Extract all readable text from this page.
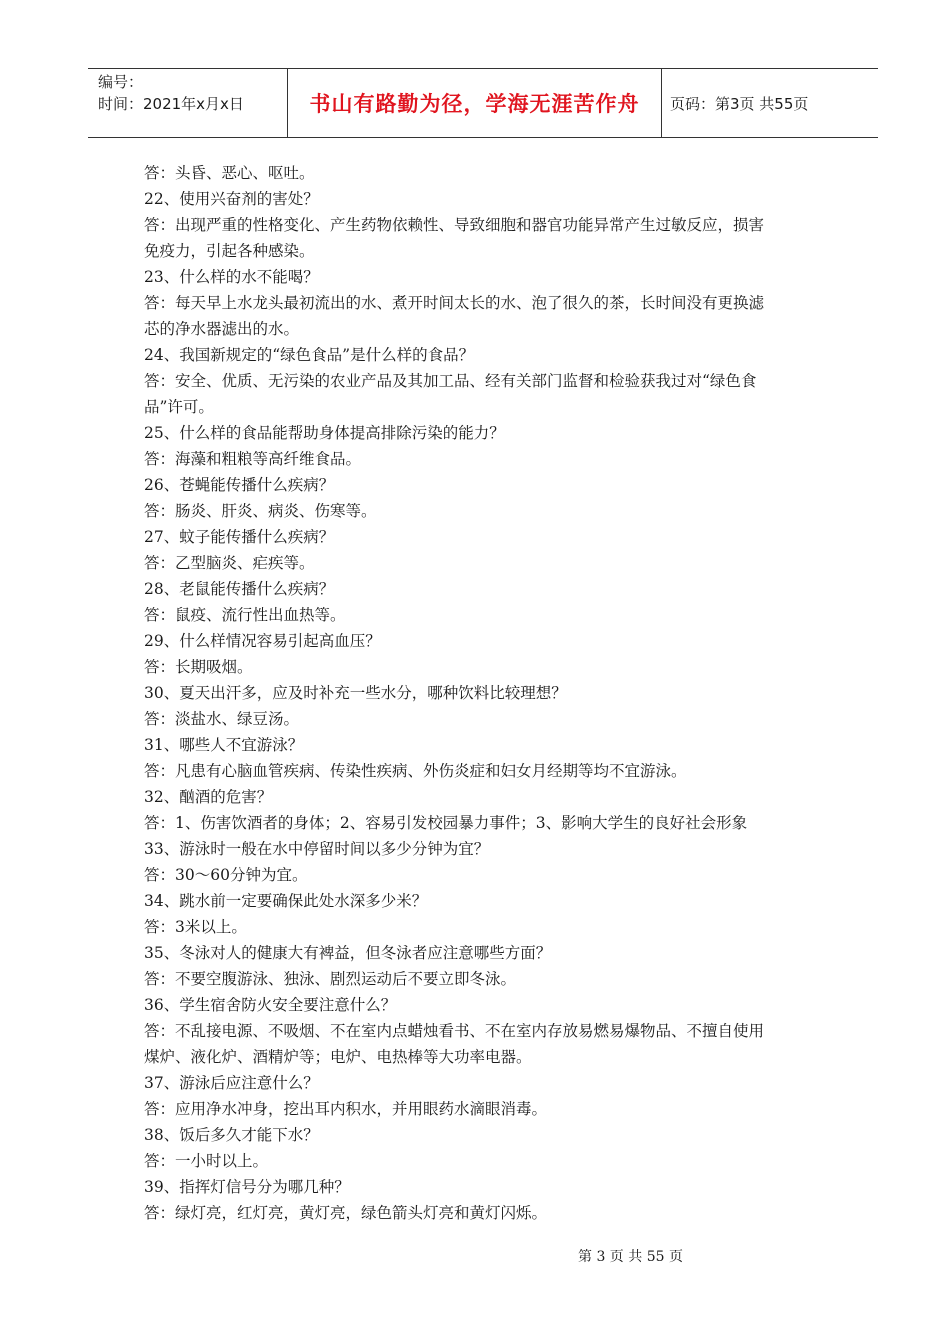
编号：
时间：2021年x月x日	书山有路勤为径，学海无涯苦作舟 页码：第3页 共55页
答：头昏、恶心、呕吐。
22、使用兴奋剂的害处？
答：出现严重的性格变化、产生药物依赖性、导致细胞和器官功能异常产生过敏反应，损害
免疫力，引起各种感染。
23、什么样的水不能喝？
答：每天早上水龙头最初流出的水、煮开时间太长的水、泡了很久的茶，长时间没有更换滤
芯的净水器滤出的水。
24、我国新规定的“绿色食品”是什么样的食品？
答：安全、优质、无污染的农业产品及其加工品、经有关部门监督和检验获我过对“绿色食
品”许可。
25、什么样的食品能帮助身体提高排除污染的能力？
答：海藻和粗粮等高纤维食品。
26、苍蝇能传播什么疾病？
答：肠炎、肝炎、病炎、伤寒等。
27、蚊子能传播什么疾病？
答：乙型脑炎、疟疾等。
28、老鼠能传播什么疾病？
答：鼠疫、流行性出血热等。
29、什么样情况容易引起高血压？
答：长期吸烟。
30、夏天出汗多，应及时补充一些水分，哪种饮料比较理想？
答：淡盐水、绿豆汤。
31、哪些人不宜游泳？
答：凡患有心脑血管疾病、传染性疾病、外伤炎症和妇女月经期等均不宜游泳。
32、酗酒的危害？
答：1、伤害饮酒者的身体；2、容易引发校园暴力事件；3、影响大学生的良好社会形象
33、游泳时一般在水中停留时间以多少分钟为宜？
答：30～60分钟为宜。
34、跳水前一定要确保此处水深多少米？
答：3米以上。
35、冬泳对人的健康大有裨益，但冬泳者应注意哪些方面？
答：不要空腹游泳、独泳、剧烈运动后不要立即冬泳。
36、学生宿舍防火安全要注意什么？
答：不乱接电源、不吸烟、不在室内点蜡烛看书、不在室内存放易燃易爆物品、不擅自使用
煤炉、液化炉、酒精炉等；电炉、电热棒等大功率电器。
37、游泳后应注意什么？
答：应用净水冲身，挖出耳内积水，并用眼药水滴眼消毒。
38、饭后多久才能下水？
答：一小时以上。
39、指挥灯信号分为哪几种？
答：绿灯亮，红灯亮，黄灯亮，绿色箭头灯亮和黄灯闪烁。
第 3 页 共 55 页
